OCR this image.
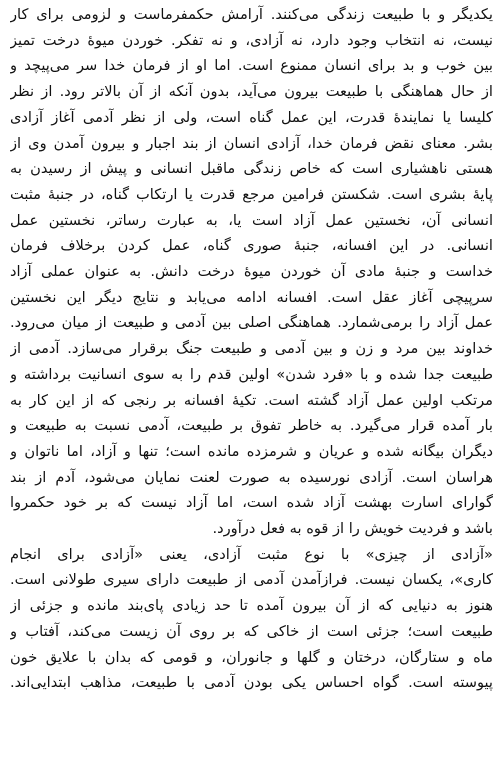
یکدیگر و با طبیعت زندگی می‌کنند. آرامش حکمفرماست و لزومی برای کار
نیست، نه انتخاب وجود دارد، نه آزادی، و نه تفکر. خوردن میوهٔ درخت تمیز
بین خوب و بد برای انسان ممنوع است. اما او از فرمان خدا سر می‌پیچد و
از حال هماهنگی با طبیعت بیرون می‌آید، بدون آنکه از آن بالاتر رود. از نظر
کلیسا یا نمایندهٔ قدرت، این عمل گناه است، ولی از نظر آدمی آغاز آزادی
بشر. معنای نقض فرمان خدا، آزادی انسان از بند اجبار و بیرون آمدن وی از
هستی ناهشیاری است که خاص زندگی ماقبل انسانی و پیش از رسیدن به
پایهٔ بشری است. شکستن فرامین مرجع قدرت یا ارتکاب گناه، در جنبهٔ مثبت
انسانی آن، نخستین عمل آزاد است یا، به عبارت رساتر، نخستین عمل
انسانی. در این افسانه، جنبهٔ صوری گناه، عمل کردن برخلاف فرمان
خداست و جنبهٔ مادی آن خوردن میوهٔ درخت دانش. به عنوان عملی آزاد
سرپیچی آغاز عقل است. افسانه ادامه می‌یابد و نتایج دیگر این نخستین
عمل آزاد را برمی‌شمارد. هماهنگی اصلی بین آدمی و طبیعت از میان می‌رود.
خداوند بین مرد و زن و بین آدمی و طبیعت جنگ برقرار می‌سازد. آدمی از
طبیعت جدا شده و با «فرد شدن» اولین قدم را به سوی انسانیت برداشته و
مرتکب اولین عمل آزاد گشته است. تکیهٔ افسانه بر رنجی که از این کار به
بار آمده قرار می‌گیرد. به خاطر تفوق بر طبیعت، آدمی نسبت به طبیعت و
دیگران بیگانه شده و عریان و شرمزده مانده است؛ تنها و آزاد، اما ناتوان و
هراسان است. آزادی نورسیده به صورت لعنت نمایان می‌شود، آدم از بند
گوارای اسارت بهشت آزاد شده است، اما آزاد نیست که بر خود حکمروا
باشد و فردیت خویش را از قوه به فعل درآورد.
«آزادی از چیزی» با نوع مثبت آزادی، یعنی «آزادی برای انجام
کاری»، یکسان نیست. فرازآمدن آدمی از طبیعت دارای سیری طولانی است.
هنوز به دنیایی که از آن بیرون آمده تا حد زیادی پای‌بند مانده و جزئی از
طبیعت است؛ جزئی است از خاکی که بر روی آن زیست می‌کند، آفتاب و
ماه و ستارگان، درختان و گلها و جانوران، و قومی که بدان با علایق خون
پیوسته است. گواه احساس یکی بودن آدمی با طبیعت، مذاهب ابتدایی‌اند.
